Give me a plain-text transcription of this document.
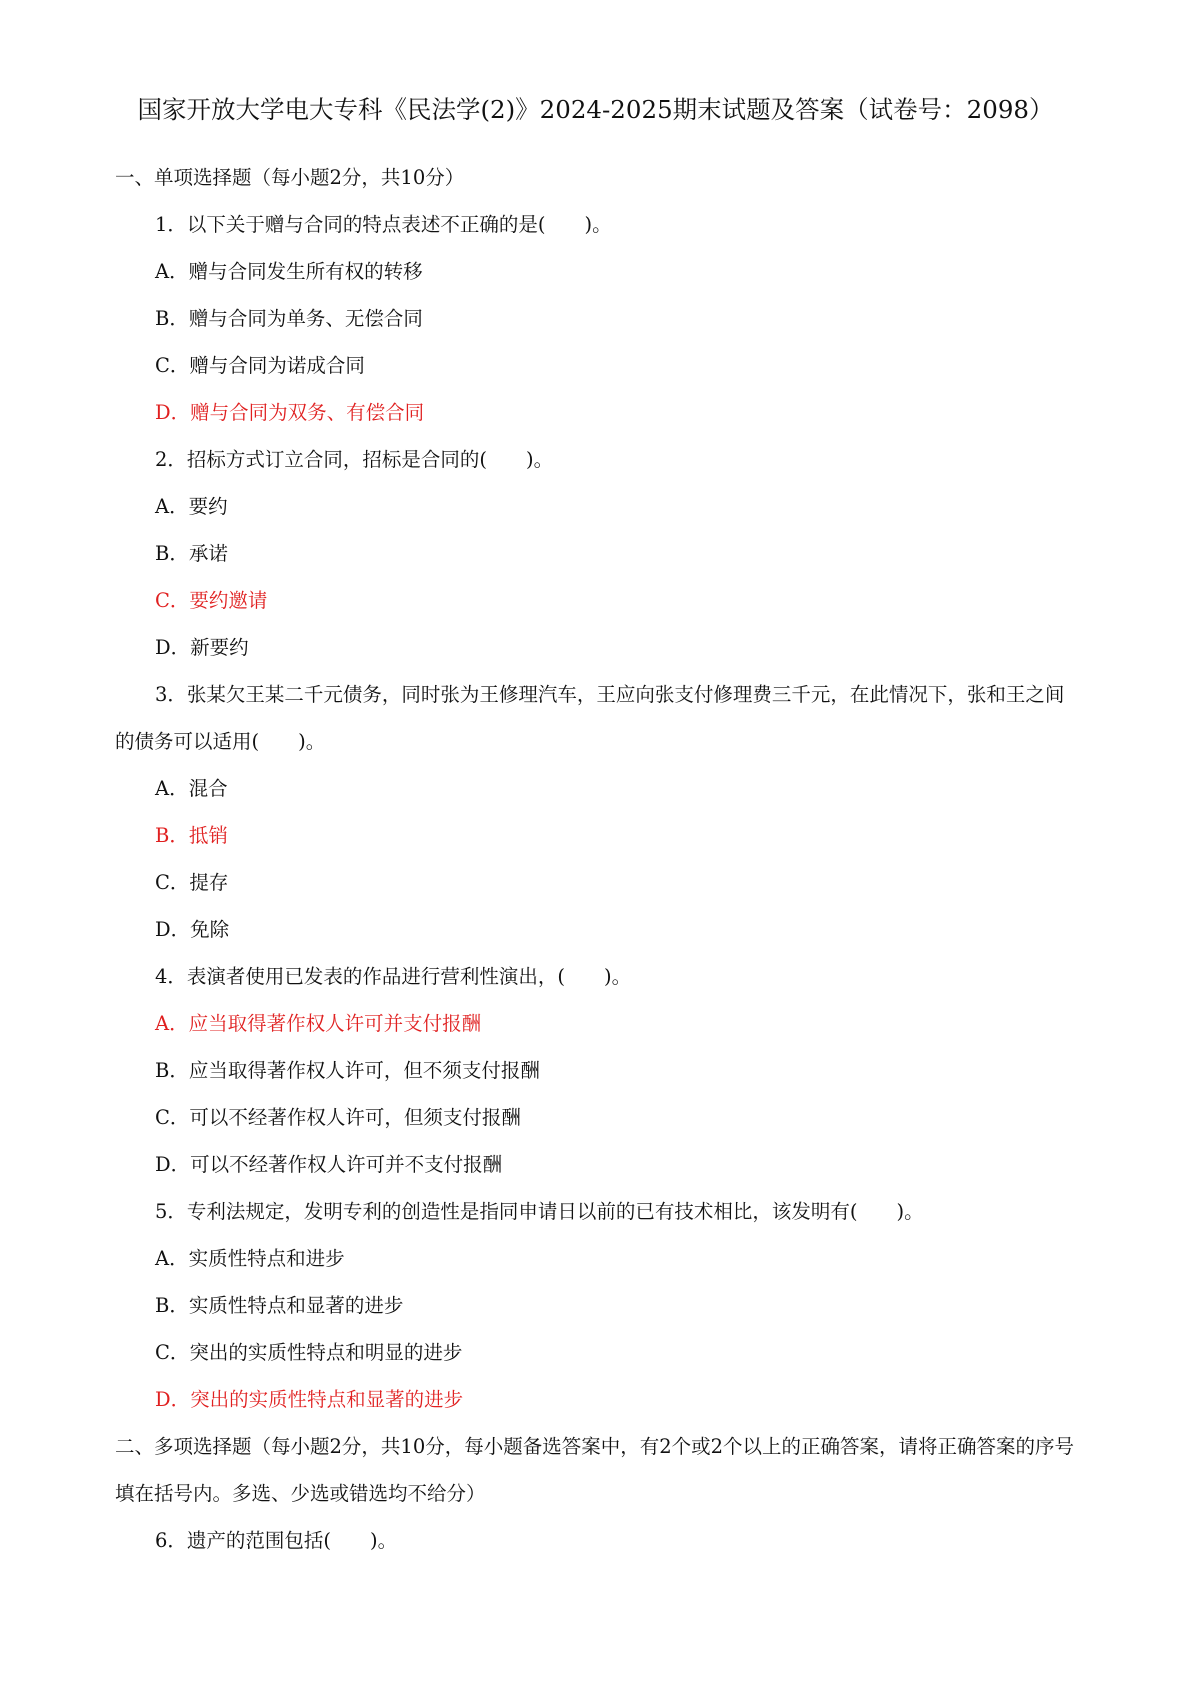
国家开放大学电大专科《民法学(2)》2024-2025期末试题及答案（试卷号：2098）
一、单项选择题（每小题2分，共10分）
1．以下关于赠与合同的特点表述不正确的是(　　)。
A．赠与合同发生所有权的转移
B．赠与合同为单务、无偿合同
C．赠与合同为诺成合同
D．赠与合同为双务、有偿合同
2．招标方式订立合同，招标是合同的(　　)。
A．要约
B．承诺
C．要约邀请
D．新要约
3．张某欠王某二千元债务，同时张为王修理汽车，王应向张支付修理费三千元，在此情况下，张和王之间的债务可以适用(　　)。
A．混合
B．抵销
C．提存
D．免除
4．表演者使用已发表的作品进行营利性演出，(　　)。
A．应当取得著作权人许可并支付报酬
B．应当取得著作权人许可，但不须支付报酬
C．可以不经著作权人许可，但须支付报酬
D．可以不经著作权人许可并不支付报酬
5．专利法规定，发明专利的创造性是指同申请日以前的已有技术相比，该发明有(　　)。
A．实质性特点和进步
B．实质性特点和显著的进步
C．突出的实质性特点和明显的进步
D．突出的实质性特点和显著的进步
二、多项选择题（每小题2分，共10分，每小题备选答案中，有2个或2个以上的正确答案，请将正确答案的序号填在括号内。多选、少选或错选均不给分）
6．遗产的范围包括(　　)。
